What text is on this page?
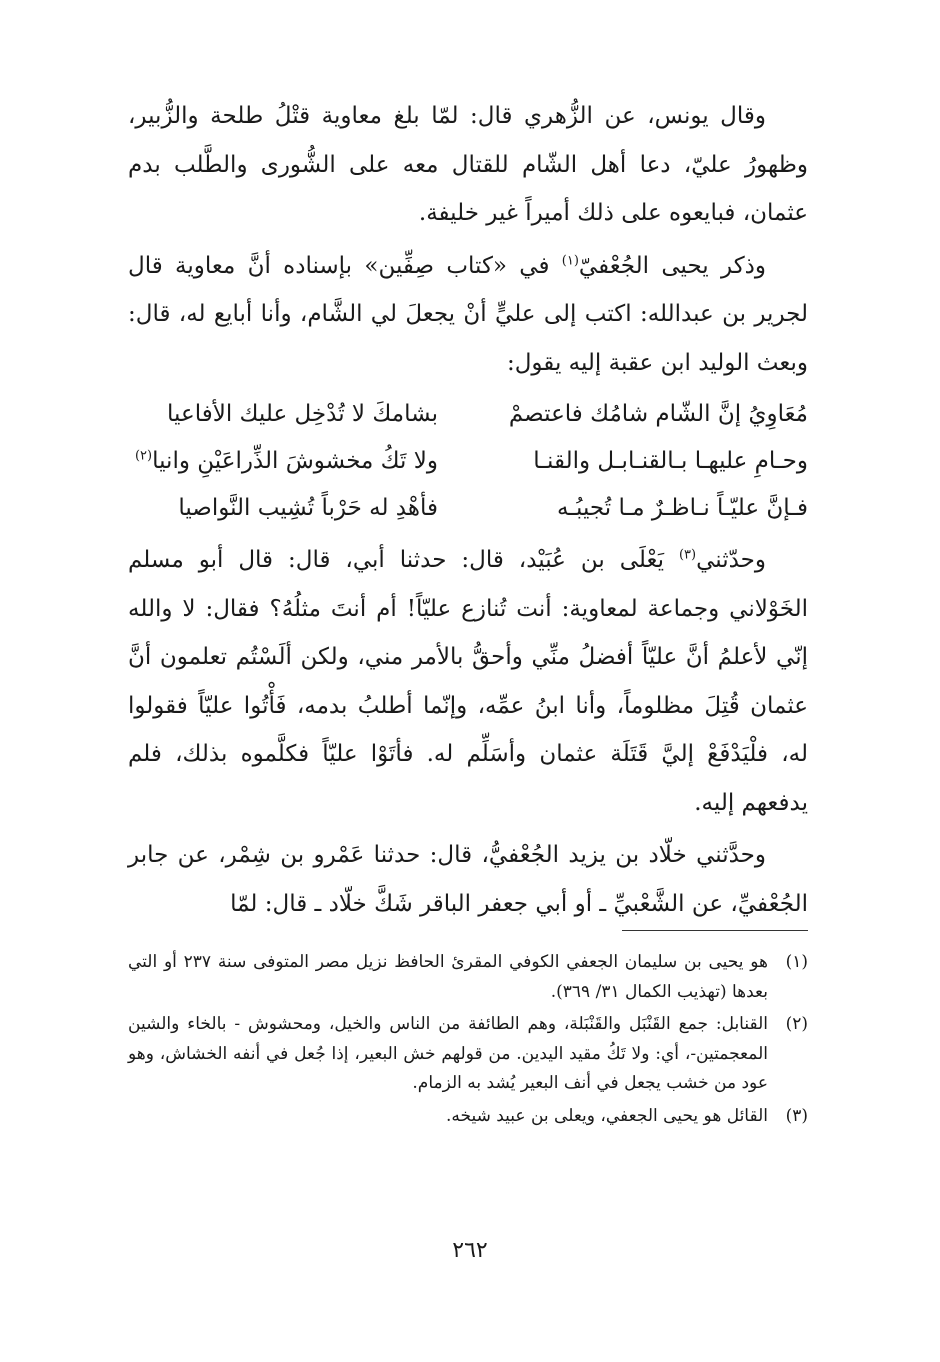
وقال يونس، عن الزُّهري قال: لمّا بلغ معاوية قتْلُ طلحة والزُّبير، وظهورُ عليّ، دعا أهل الشّام للقتال معه على الشُّورى والطَّلب بدم عثمان، فبايعوه على ذلك أميراً غير خليفة.

وذكر يحيى الجُعْفيّ$^{(١)}$ في «كتاب صِفِّين» بإسناده أنَّ معاوية قال لجرير بن عبدالله: اكتب إلى عليٍّ أنْ يجعلَ لي الشَّام، وأنا أبايع له، قال: وبعث الوليد ابن عقبة إليه يقول:

مُعَاوِيُ إنَّ الشّام شامُك فاعتصمْ
بشامكَ لا تُدْخِل عليك الأفاعيا
وحـامِ عليهـا بـالقنـابـل والقنـا
ولا تَكُ مخشوشَ الذِّراعَيْنِ وانيا$^{(٢)}$
فـإنَّ عليّـاً نـاظـرٌ مـا تُجيبُـه
فأهْدِ له حَرْباً تُشِيب النَّواصيا

وحدّثني$^{(٣)}$ يَعْلَى بن عُبَيْد، قال: حدثنا أبي، قال: قال أبو مسلم الخَوْلاني وجماعة لمعاوية: أنت تُنازع عليّاً! أم أنتَ مثلُهُ؟ فقال: لا والله إنّي لأعلمُ أنَّ عليّاً أفضلُ منِّي وأحقُّ بالأمر مني، ولكن ألَسْتُم تعلمون أنَّ عثمان قُتِلَ مظلوماً، وأنا ابنُ عمِّه، وإنّما أطلبُ بدمه، فَأْتُوا عليّاً فقولوا له، فلْيَدْفَعْ إليَّ قَتَلَة عثمان وأسَلِّم له. فأتَوْا عليّاً فكلَّموه بذلك، فلم يدفعهم إليه.

وحدَّثني خلّاد بن يزيد الجُعْفيُّ، قال: حدثنا عَمْرو بن شِمْر، عن جابر الجُعْفيِّ، عن الشَّعْبيِّ ـ أو أبي جعفر الباقر شَكَّ خلّاد ـ قال: لمّا

(١)
هو يحيى بن سليمان الجعفي الكوفي المقرئ الحافظ نزيل مصر المتوفى سنة ٢٣٧ أو التي بعدها (تهذيب الكمال ٣١/ ٣٦٩).
(٢)
القنابل: جمع القَنْبَل والقَنْبَلة، وهم الطائفة من الناس والخيل، ومحشوش - بالخاء والشين المعجمتين-، أي: ولا تَكُ مقيد اليدين. من قولهم خش البعير، إذا جُعل في أنفه الخشاش، وهو عود من خشب يجعل في أنف البعير يُشد به الزمام.
(٣)
القائل هو يحيى الجعفي، ويعلى بن عبيد شيخه.
٢٦٢
